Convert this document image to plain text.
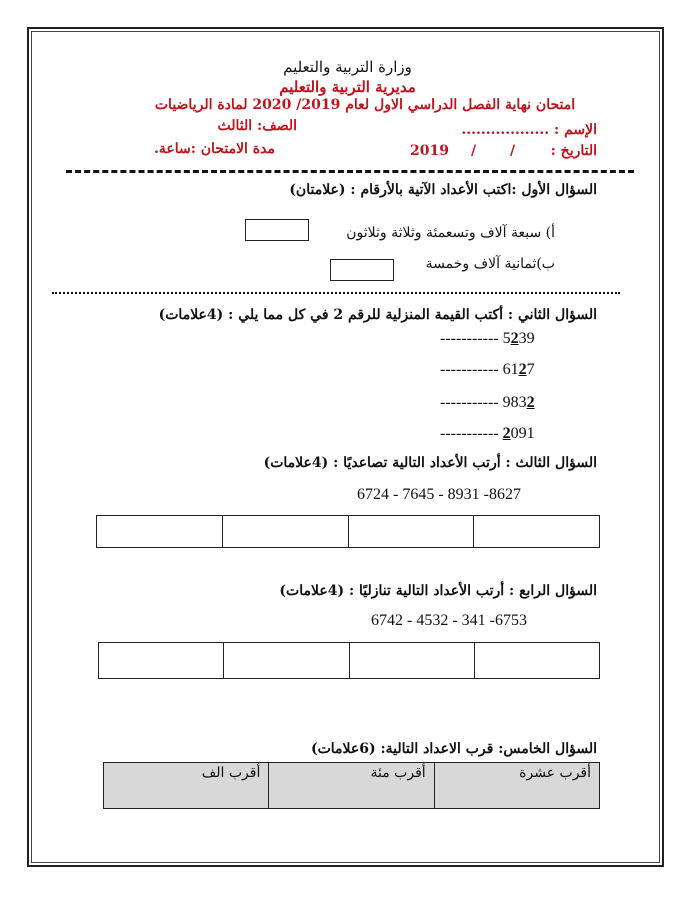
وزارة التربية والتعليم
مديرية التربية والتعليم
امتحان نهاية الفصل الدراسي الاول لعام 2019/ 2020 لمادة الرياضيات
الإسم : ..................
الصف: الثالث
التاريخ :
/
/
2019
مدة الامتحان :ساعة.
السؤال الأول :اكتب الأعداد الآتية بالأرقام : (علامتان)
أ) سبعة آلاف وتسعمئة وثلاثة وثلاثون
ب)ثمانية آلاف وخمسة
السؤال الثاني : أكتب القيمة المنزلية للرقم 2 في كل مما يلي : (4علامات)
----------- 5239
----------- 6127
----------- 9832
----------- 2091
السؤال الثالث : أرتب الأعداد التالية تصاعديًا : (4علامات)
6724 - 7645 - 8931 -8627
السؤال الرابع : أرتب الأعداد التالية تنازليًا : (4علامات)
6742 - 4532 - 341 -6753
السؤال الخامس: قرب الاعداد التالية: (6علامات)
أقرب عشرة
أقرب مئة
أقرب الف
